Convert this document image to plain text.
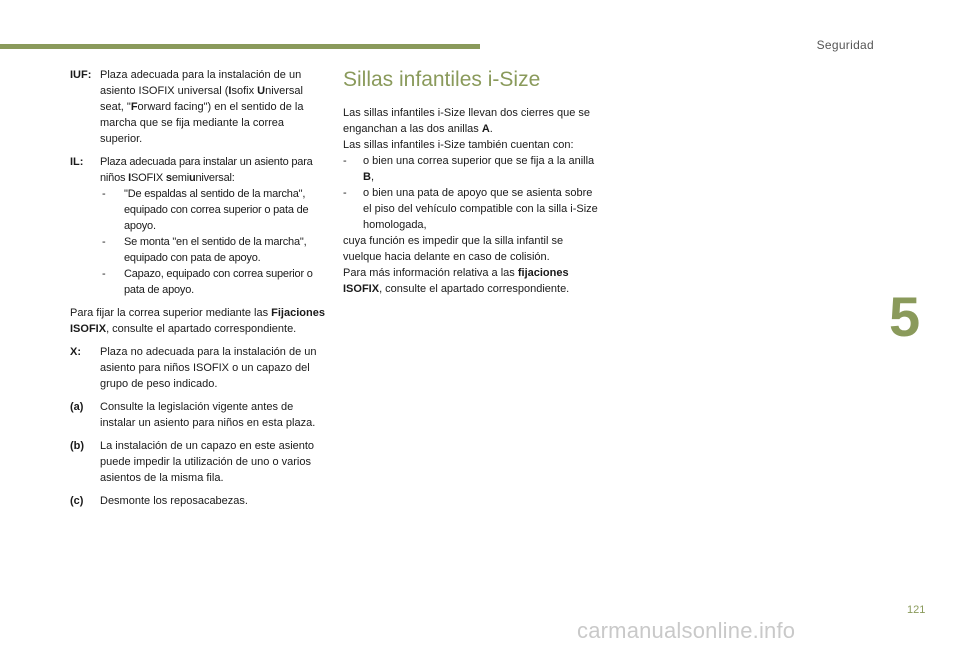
Seguridad
5
IUF: Plaza adecuada para la instalación de un asiento ISOFIX universal (Isofix Universal seat, "Forward facing") en el sentido de la marcha que se fija mediante la correa superior.
IL:	Plaza adecuada para instalar un asiento para niños ISOFIX semiuniversal:
-	"De espaldas al sentido de la marcha", equipado con correa superior o pata de apoyo.
-	Se monta "en el sentido de la marcha", equipado con pata de apoyo.
-	Capazo, equipado con correa superior o pata de apoyo.
Para fijar la correa superior mediante las Fijaciones ISOFIX, consulte el apartado correspondiente.
X:	Plaza no adecuada para la instalación de un asiento para niños ISOFIX o un capazo del grupo de peso indicado.
(a)	Consulte la legislación vigente antes de instalar un asiento para niños en esta plaza.
(b)	La instalación de un capazo en este asiento puede impedir la utilización de uno o varios asientos de la misma fila.
(c)	Desmonte los reposacabezas.
Sillas infantiles i-Size
Las sillas infantiles i-Size llevan dos cierres que se enganchan a las dos anillas A.
Las sillas infantiles i-Size también cuentan con:
-	o bien una correa superior que se fija a la anilla B,
-	o bien una pata de apoyo que se asienta sobre el piso del vehículo compatible con la silla i-Size homologada,
cuya función es impedir que la silla infantil se vuelque hacia delante en caso de colisión.
Para más información relativa a las fijaciones ISOFIX, consulte el apartado correspondiente.
121
carmanualsonline.info
